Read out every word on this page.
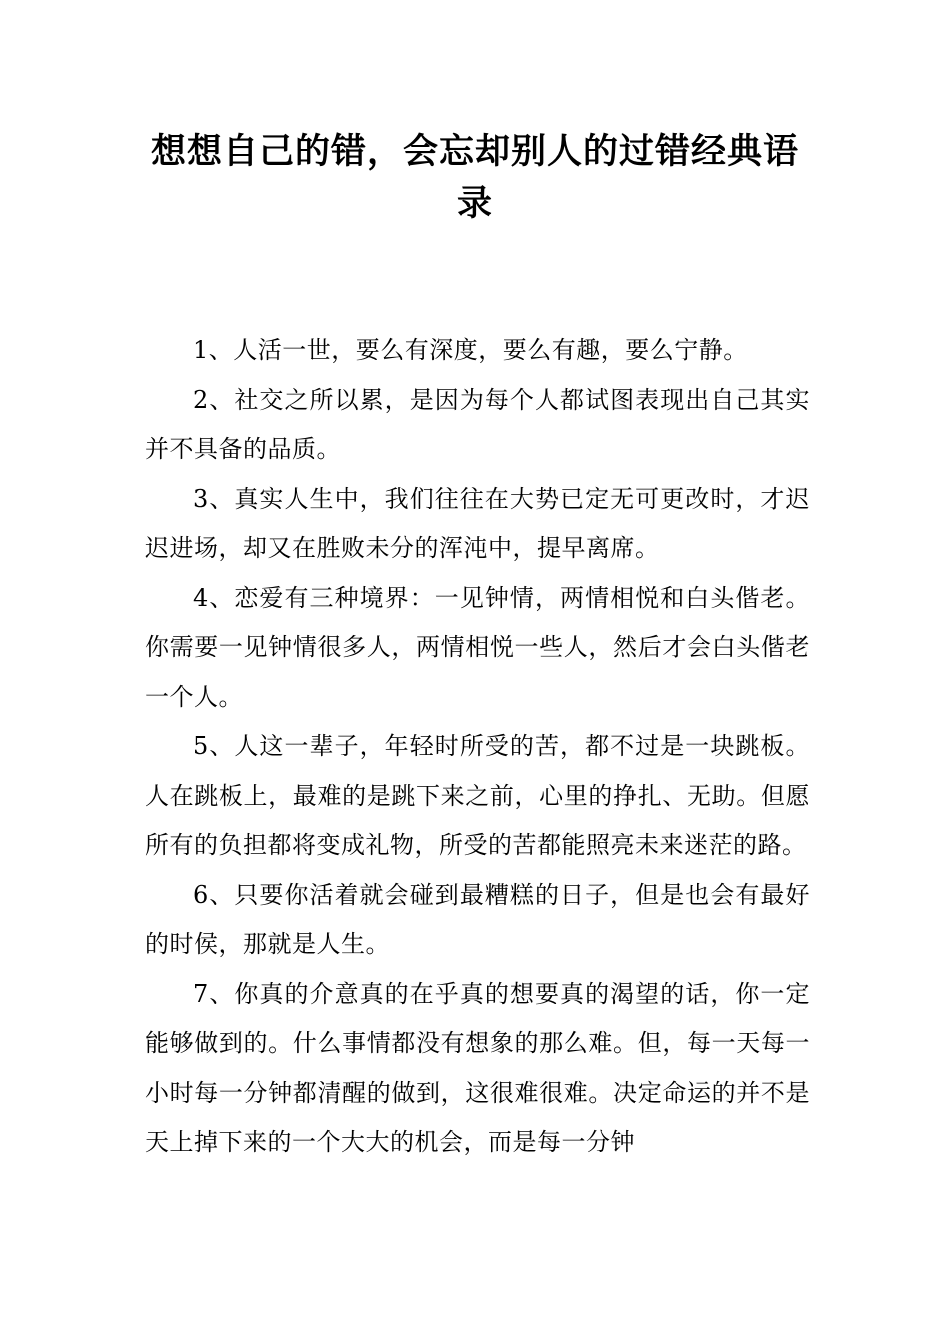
想想自己的错，会忘却别人的过错经典语录

1、人活一世，要么有深度，要么有趣，要么宁静。

2、社交之所以累，是因为每个人都试图表现出自己其实并不具备的品质。

3、真实人生中，我们往往在大势已定无可更改时，才迟迟进场，却又在胜败未分的浑沌中，提早离席。

4、恋爱有三种境界：一见钟情，两情相悦和白头偕老。你需要一见钟情很多人，两情相悦一些人，然后才会白头偕老一个人。

5、人这一辈子，年轻时所受的苦，都不过是一块跳板。人在跳板上，最难的是跳下来之前，心里的挣扎、无助。但愿所有的负担都将变成礼物，所受的苦都能照亮未来迷茫的路。

6、只要你活着就会碰到最糟糕的日子，但是也会有最好的时侯，那就是人生。

7、你真的介意真的在乎真的想要真的渴望的话，你一定能够做到的。什么事情都没有想象的那么难。但，每一天每一小时每一分钟都清醒的做到，这很难很难。决定命运的并不是天上掉下来的一个大大的机会，而是每一分钟
